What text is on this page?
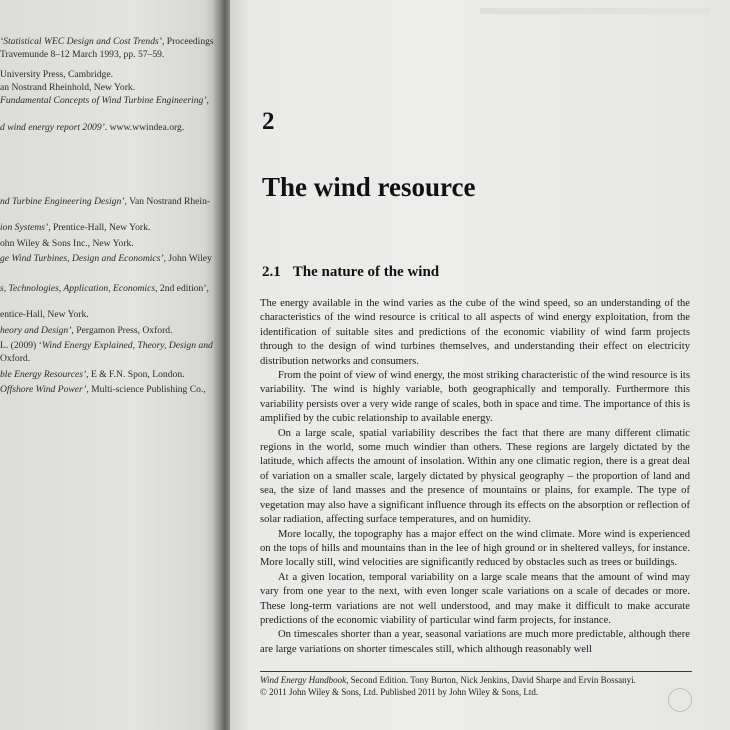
‘Statistical WEC Design and Cost Trends’, Proceedings
Travemunde 8–12 March 1993, pp. 57–59.
University Press, Cambridge.
an Nostrand Rheinhold, New York.
Fundamental Concepts of Wind Turbine Engineering’,
d wind energy report 2009’. www.wwindea.org.
nd Turbine Engineering Design’, Van Nostrand Rhein-
ion Systems’, Prentice-Hall, New York.
ohn Wiley & Sons Inc., New York.
ge Wind Turbines, Design and Economics’, John Wiley
s, Technologies, Application, Economics, 2nd edition’,
entice-Hall, New York.
heory and Design’, Pergamon Press, Oxford.
L. (2009) ‘Wind Energy Explained, Theory, Design and
Oxford.
ble Energy Resources’, E & F.N. Spon, London.
Offshore Wind Power’, Multi-science Publishing Co.,
2
The wind resource
2.1 The nature of the wind

The energy available in the wind varies as the cube of the wind speed, so an understanding of the characteristics of the wind resource is critical to all aspects of wind energy exploitation, from the identification of suitable sites and predictions of the economic viability of wind farm projects through to the design of wind turbines themselves, and understanding their effect on electricity distribution networks and consumers.

From the point of view of wind energy, the most striking characteristic of the wind resource is its variability. The wind is highly variable, both geographically and temporally. Furthermore this variability persists over a very wide range of scales, both in space and time. The importance of this is amplified by the cubic relationship to available energy.

On a large scale, spatial variability describes the fact that there are many different climatic regions in the world, some much windier than others. These regions are largely dictated by the latitude, which affects the amount of insolation. Within any one climatic region, there is a great deal of variation on a smaller scale, largely dictated by physical geography – the proportion of land and sea, the size of land masses and the presence of mountains or plains, for example. The type of vegetation may also have a significant influence through its effects on the absorption or reflection of solar radiation, affecting surface temperatures, and on humidity.

More locally, the topography has a major effect on the wind climate. More wind is experienced on the tops of hills and mountains than in the lee of high ground or in sheltered valleys, for instance. More locally still, wind velocities are significantly reduced by obstacles such as trees or buildings.

At a given location, temporal variability on a large scale means that the amount of wind may vary from one year to the next, with even longer scale variations on a scale of decades or more. These long-term variations are not well understood, and may make it difficult to make accurate predictions of the economic viability of particular wind farm projects, for instance.

On timescales shorter than a year, seasonal variations are much more predictable, although there are large variations on shorter timescales still, which although reasonably well

Wind Energy Handbook, Second Edition. Tony Burton, Nick Jenkins, David Sharpe and Ervin Bossanyi.
© 2011 John Wiley & Sons, Ltd. Published 2011 by John Wiley & Sons, Ltd.
